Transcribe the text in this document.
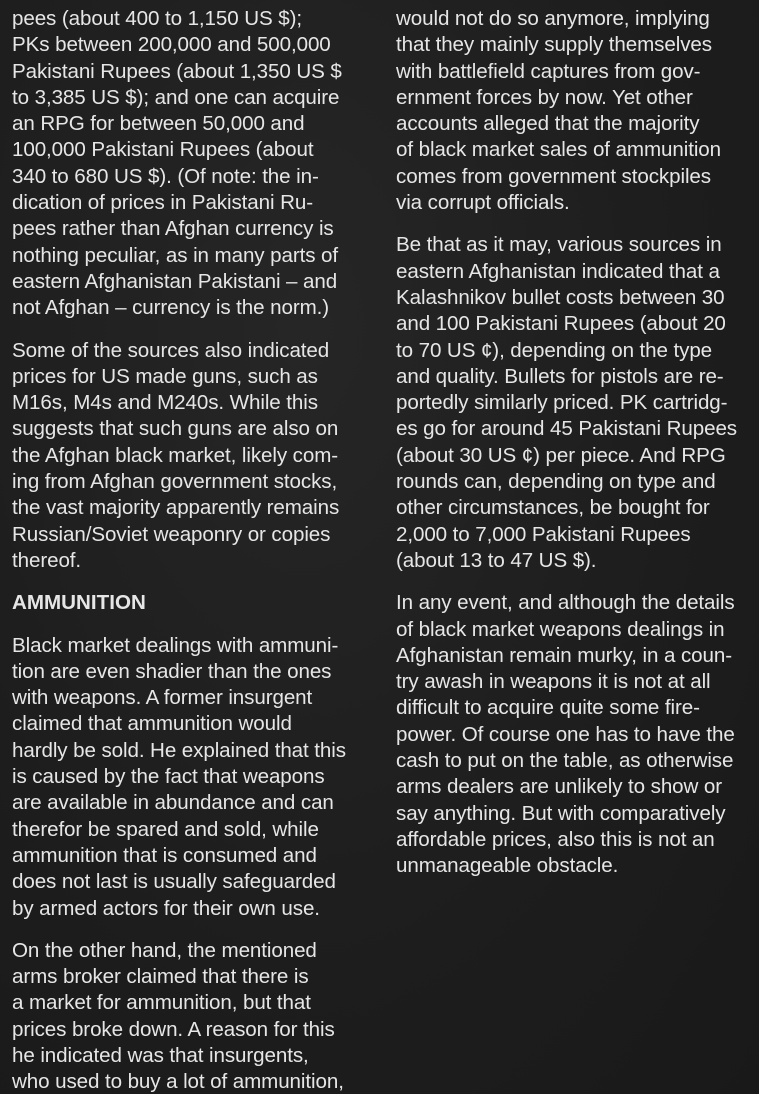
pees (about 400 to 1,150 US $);
PKs between 200,000 and 500,000
Pakistani Rupees (about 1,350 US $
to 3,385 US $); and one can acquire
an RPG for between 50,000 and
100,000 Pakistani Rupees (about
340 to 680 US $). (Of note: the in-
dication of prices in Pakistani Ru-
pees rather than Afghan currency is
nothing peculiar, as in many parts of
eastern Afghanistan Pakistani – and
not Afghan – currency is the norm.)
Some of the sources also indicated
prices for US made guns, such as
M16s, M4s and M240s. While this
suggests that such guns are also on
the Afghan black market, likely com-
ing from Afghan government stocks,
the vast majority apparently remains
Russian/Soviet weaponry or copies
thereof.
AMMUNITION
Black market dealings with ammuni-
tion are even shadier than the ones
with weapons. A former insurgent
claimed that ammunition would
hardly be sold. He explained that this
is caused by the fact that weapons
are available in abundance and can
therefor be spared and sold, while
ammunition that is consumed and
does not last is usually safeguarded
by armed actors for their own use.
On the other hand, the mentioned
arms broker claimed that there is
a market for ammunition, but that
prices broke down. A reason for this
he indicated was that insurgents,
who used to buy a lot of ammunition,
would not do so anymore, implying
that they mainly supply themselves
with battlefield captures from gov-
ernment forces by now. Yet other
accounts alleged that the majority
of black market sales of ammunition
comes from government stockpiles
via corrupt officials.
Be that as it may, various sources in
eastern Afghanistan indicated that a
Kalashnikov bullet costs between 30
and 100 Pakistani Rupees (about 20
to 70 US ¢), depending on the type
and quality. Bullets for pistols are re-
portedly similarly priced. PK cartridg-
es go for around 45 Pakistani Rupees
(about 30 US ¢) per piece. And RPG
rounds can, depending on type and
other circumstances, be bought for
2,000 to 7,000 Pakistani Rupees
(about 13 to 47 US $).
In any event, and although the details
of black market weapons dealings in
Afghanistan remain murky, in a coun-
try awash in weapons it is not at all
difficult to acquire quite some fire-
power. Of course one has to have the
cash to put on the table, as otherwise
arms dealers are unlikely to show or
say anything. But with comparatively
affordable prices, also this is not an
unmanageable obstacle.
